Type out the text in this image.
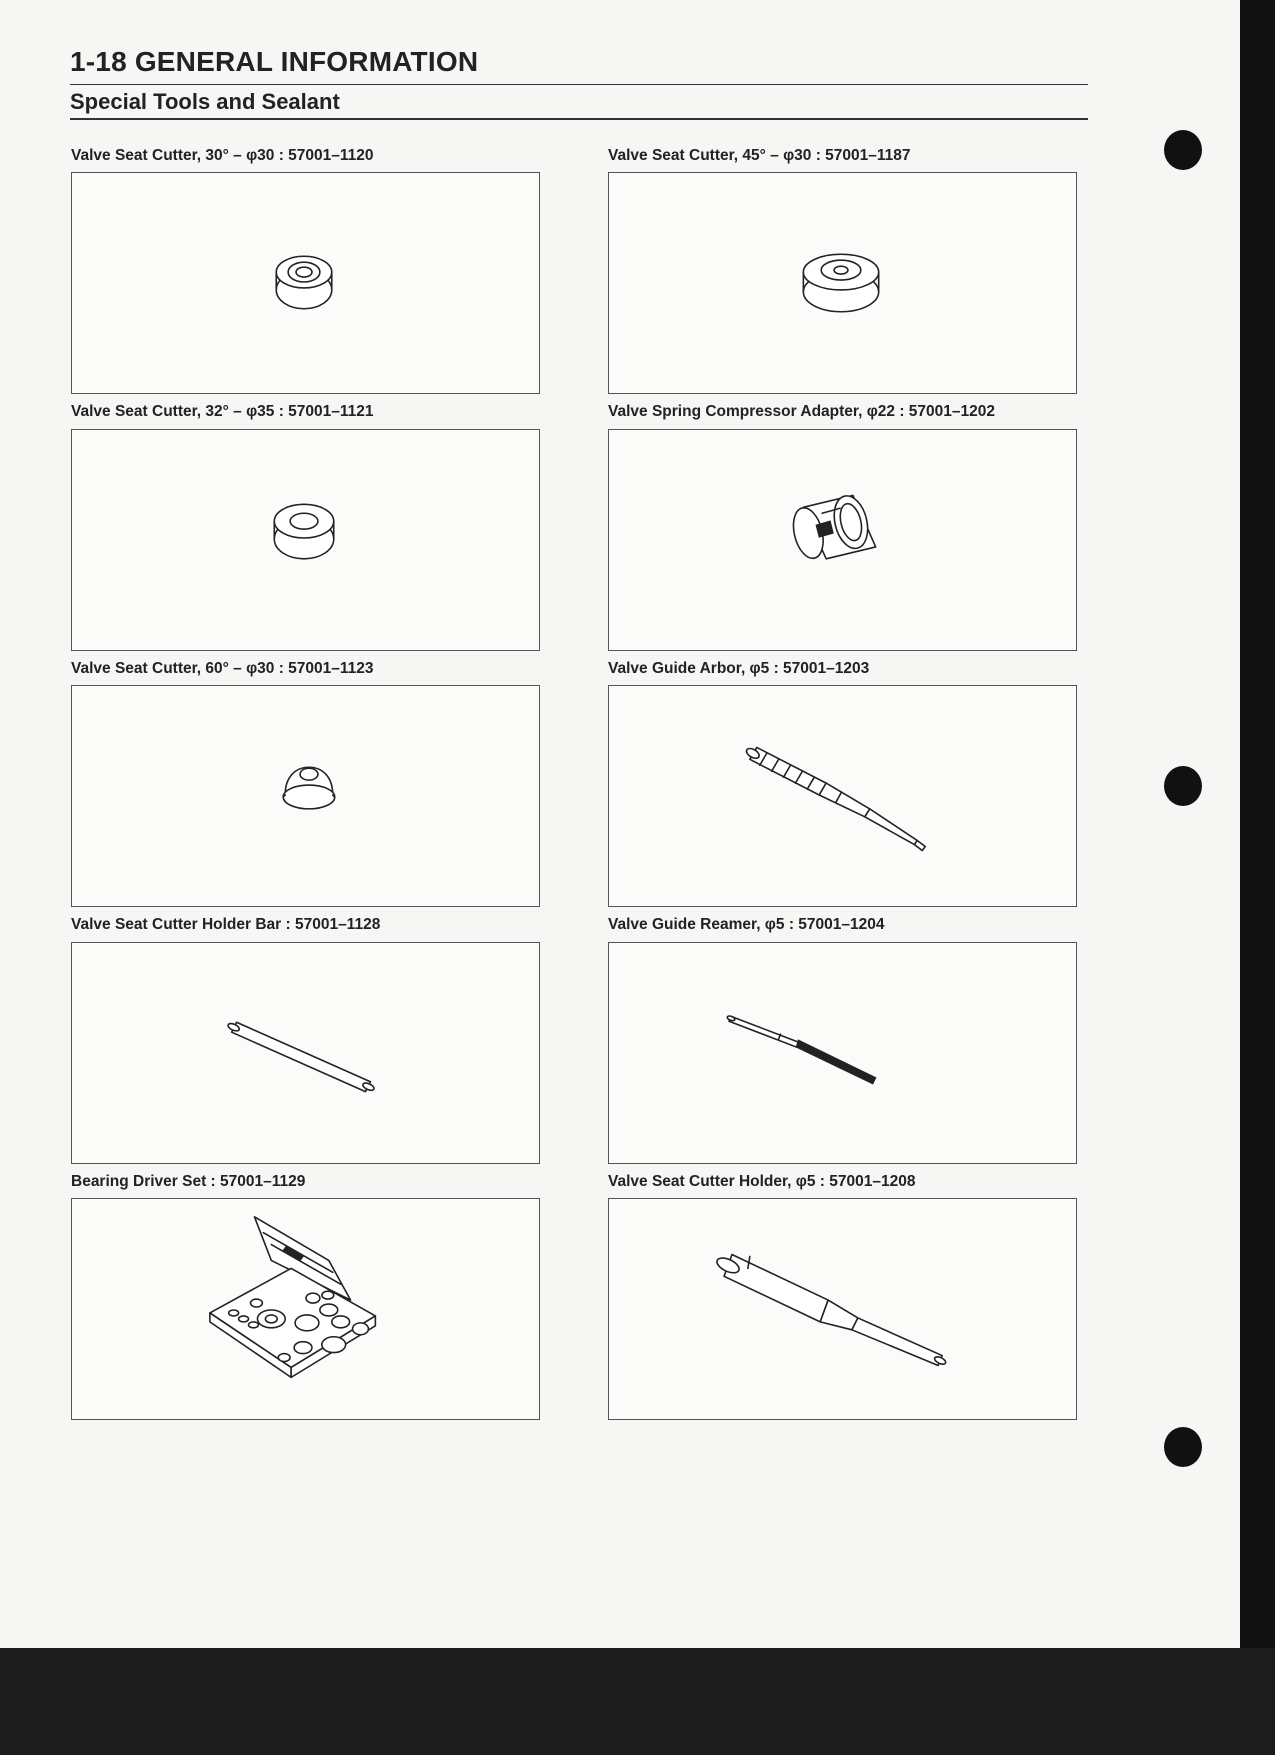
1-18 GENERAL INFORMATION
Special Tools and Sealant
Valve Seat Cutter, 30° – φ30 : 57001–1120	Valve Seat Cutter, 45° – φ30 : 57001–1187
Valve Seat Cutter, 32° – φ35 : 57001–1121	Valve Spring Compressor Adapter, φ22 : 57001–1202
Valve Seat Cutter, 60° – φ30 : 57001–1123	Valve Guide Arbor, φ5 : 57001–1203
Valve Seat Cutter Holder Bar : 57001–1128	Valve Guide Reamer, φ5 : 57001–1204
Bearing Driver Set : 57001–1129	Valve Seat Cutter Holder, φ5 : 57001–1208
